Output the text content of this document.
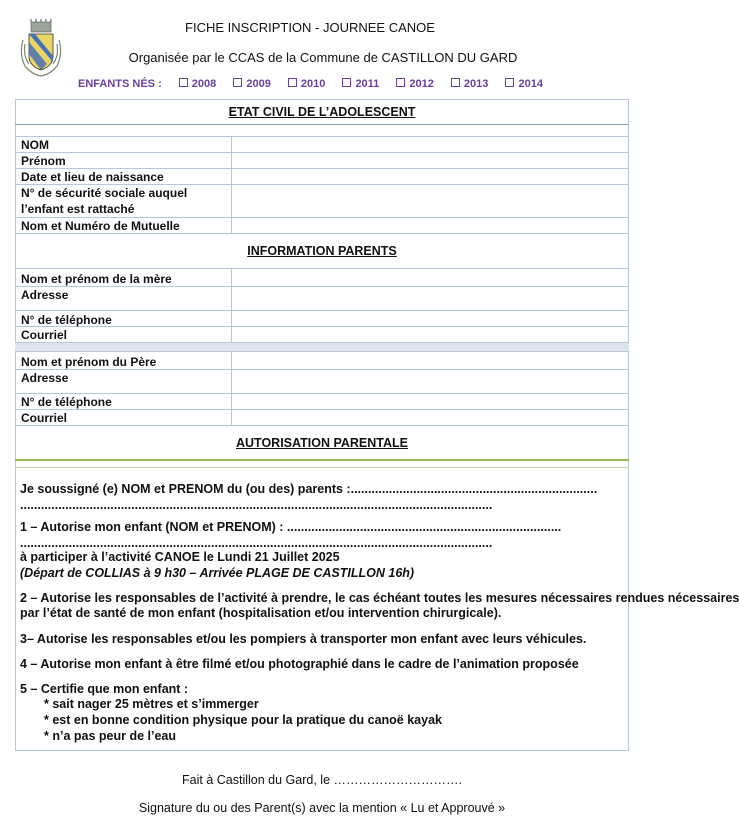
FICHE INSCRIPTION - JOURNEE CANOE
Organisée par le CCAS de la Commune de CASTILLON DU GARD
ENFANTS NÉS :	2008	2009	2010	2011	2012	2013	2014
ETAT CIVIL DE L’ADOLESCENT
NOM
Prénom
Date et lieu de naissance
N° de sécurité sociale auquel
l’enfant est rattaché
Nom et Numéro de Mutuelle
INFORMATION PARENTS
Nom et prénom de la mère
Adresse
N° de téléphone
Courriel
Nom et prénom du Père
Adresse
N° de téléphone
Courriel
AUTORISATION PARENTALE
Je soussigné (e) NOM et PRENOM du (ou des) parents :.......................................................................
........................................................................................................................................
1 – Autorise mon enfant (NOM et PRENOM) : ...............................................................................
........................................................................................................................................
à participer à l’activité CANOE le Lundi 21 Juillet 2025
(Départ de COLLIAS à 9 h30 – Arrivée PLAGE DE CASTILLON 16h)
2 – Autorise les responsables de l’activité à prendre, le cas échéant toutes les mesures nécessaires rendues nécessaires
par l’état de santé de mon enfant (hospitalisation et/ou intervention chirurgicale).
3– Autorise les responsables et/ou les pompiers à transporter mon enfant avec leurs véhicules.
4 – Autorise mon enfant à être filmé et/ou photographié dans le cadre de l’animation proposée
5 – Certifie que mon enfant :
* sait nager 25 mètres et s’immerger
* est en bonne condition physique pour la pratique du canoë kayak
* n’a pas peur de l’eau
Fait à Castillon du Gard, le ………………………….
Signature du ou des Parent(s) avec la mention « Lu et Approuvé »
